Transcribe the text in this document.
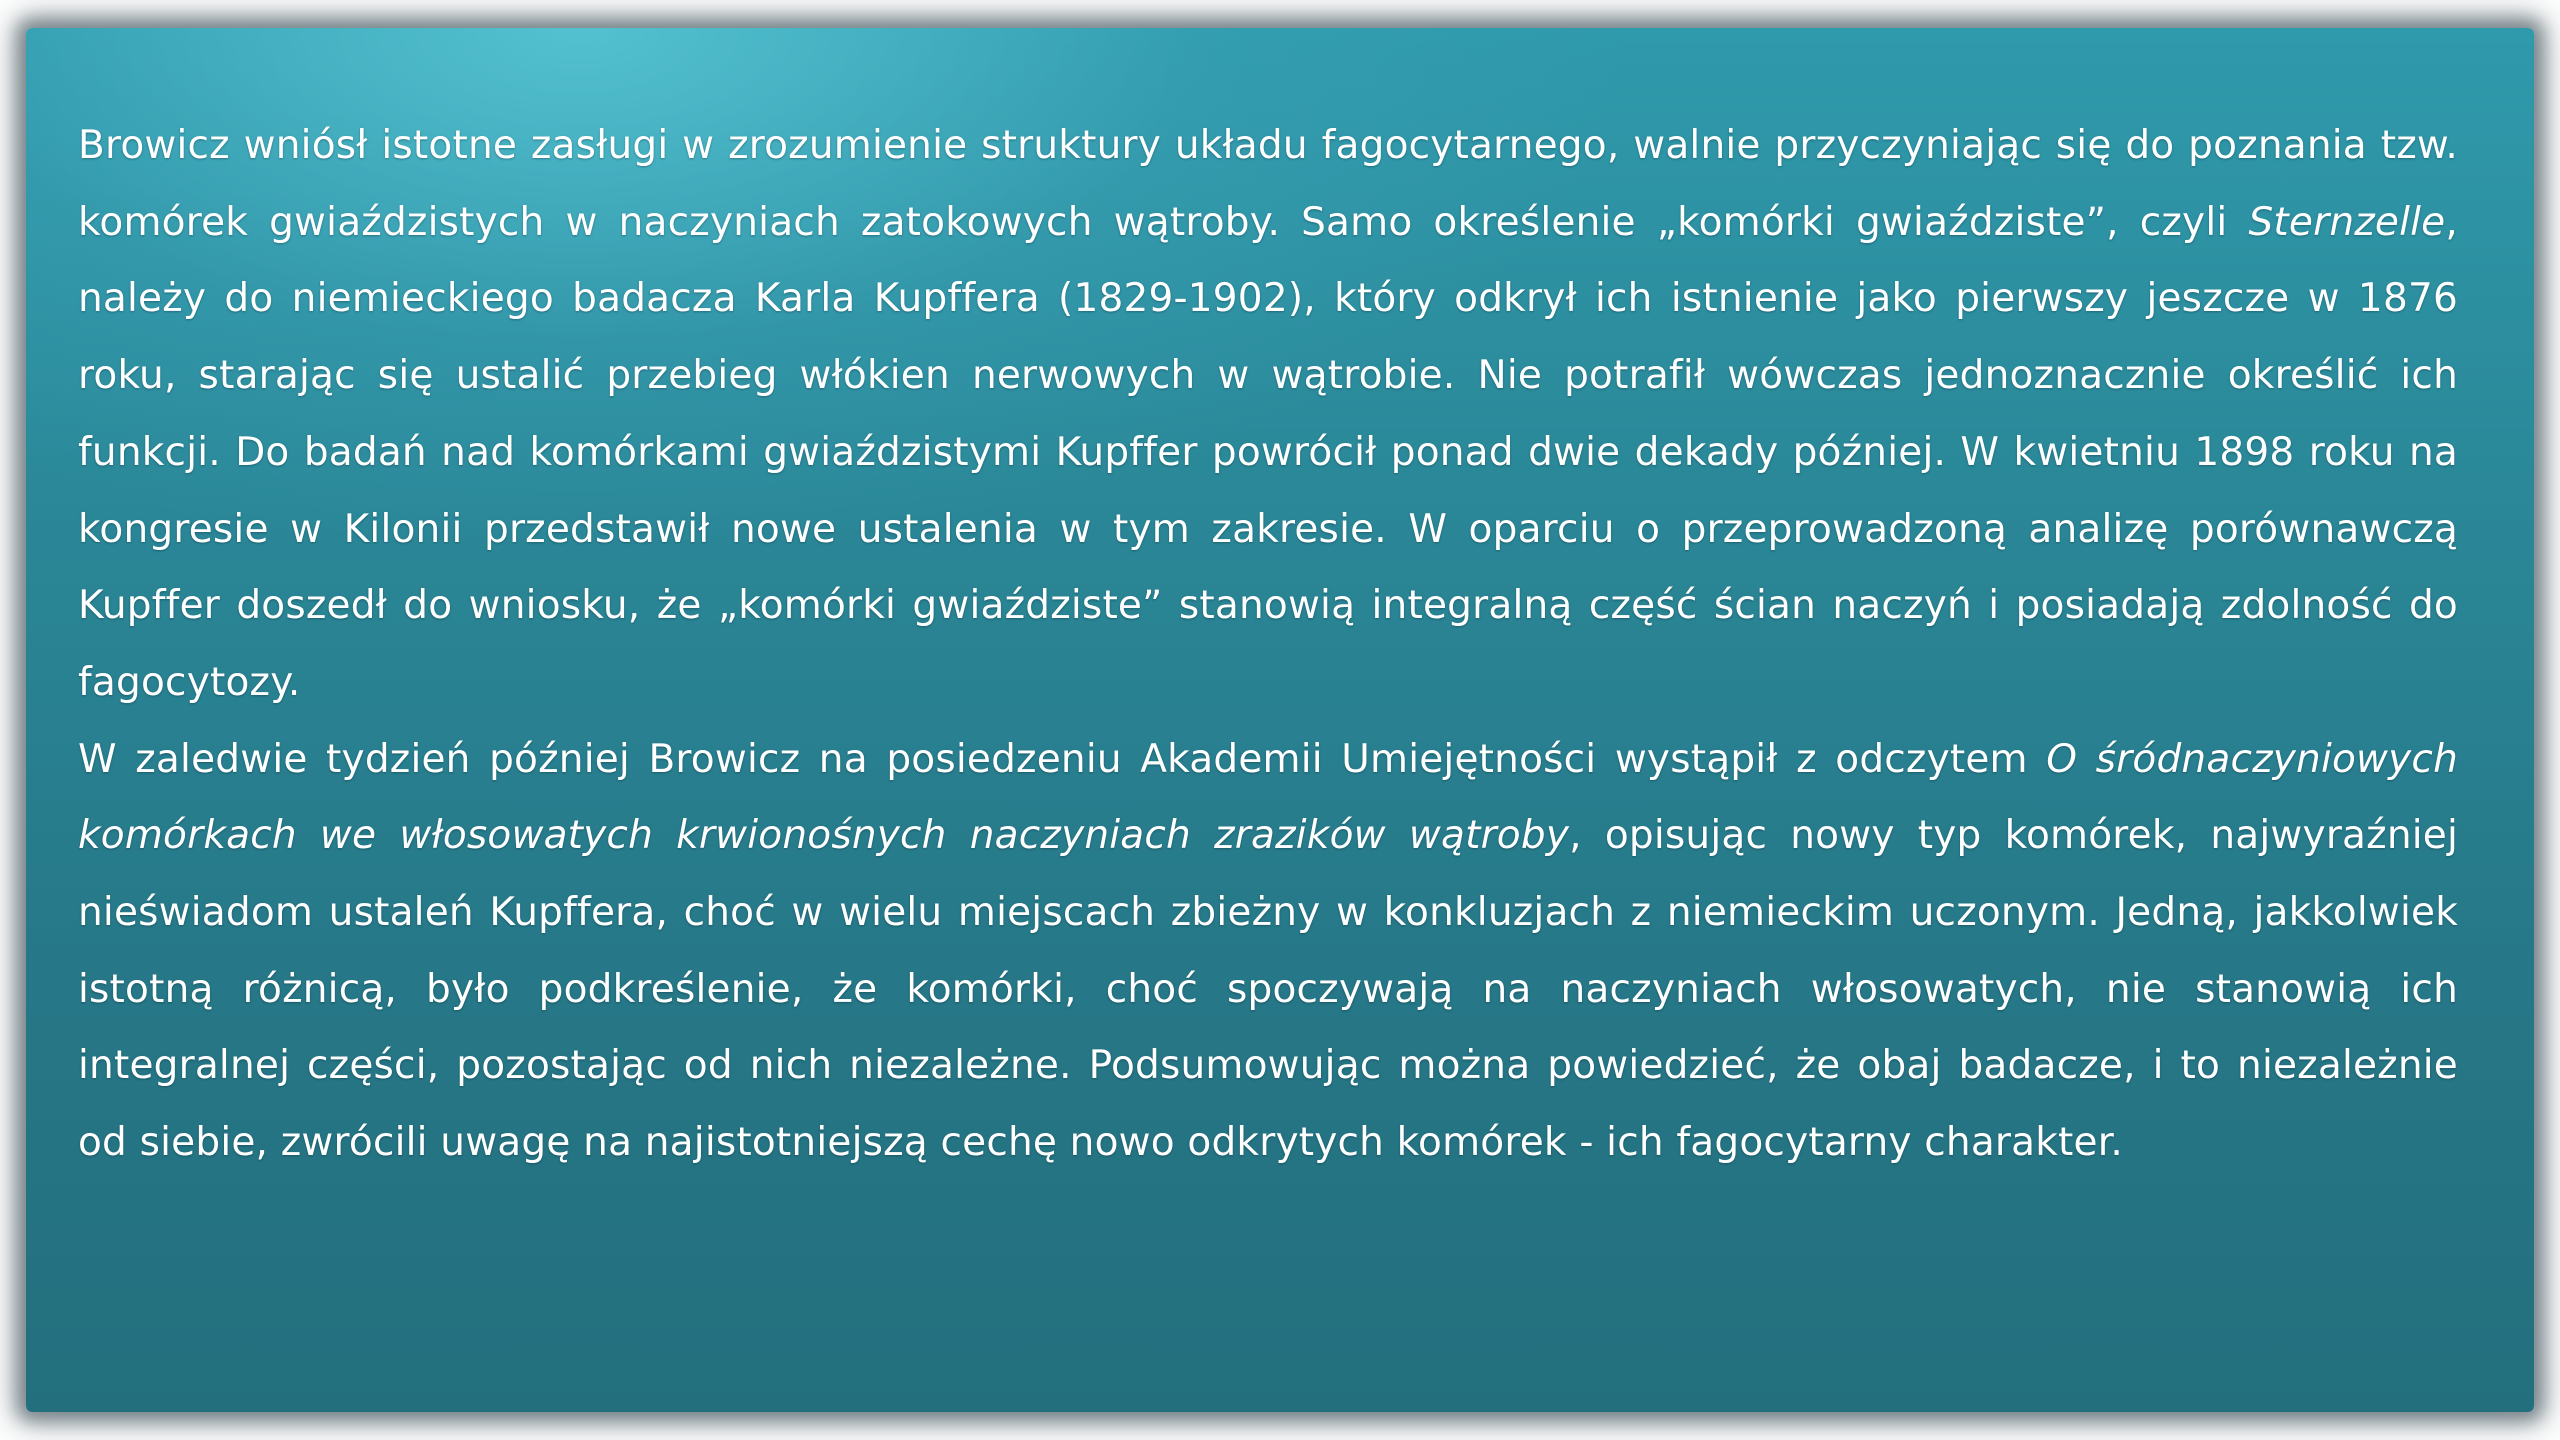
Browicz wniósł istotne zasługi w zrozumienie struktury układu fagocytarnego, walnie przyczyniając się do poznania tzw. komórek gwiaździstych w naczyniach zatokowych wątroby. Samo określenie „komórki gwiaździste”, czyli Sternzelle, należy do niemieckiego badacza Karla Kupffera (1829-1902), który odkrył ich istnienie jako pierwszy jeszcze w 1876 roku, starając się ustalić przebieg włókien nerwowych w wątrobie. Nie potrafił wówczas jednoznacznie określić ich funkcji. Do badań nad komórkami gwiaździstymi Kupffer powrócił ponad dwie dekady później. W kwietniu 1898 roku na kongresie w Kilonii przedstawił nowe ustalenia w tym zakresie. W oparciu o przeprowadzoną analizę porównawczą Kupffer doszedł do wniosku, że „komórki gwiaździste” stanowią integralną część ścian naczyń i posiadają zdolność do fagocytozy.

W zaledwie tydzień później Browicz na posiedzeniu Akademii Umiejętności wystąpił z odczytem O śródnaczyniowych komórkach we włosowatych krwionośnych naczyniach zrazików wątroby, opisując nowy typ komórek, najwyraźniej nieświadom ustaleń Kupffera, choć w wielu miejscach zbieżny w konkluzjach z niemieckim uczonym. Jedną, jakkolwiek istotną różnicą, było podkreślenie, że komórki, choć spoczywają na naczyniach włosowatych, nie stanowią ich integralnej części, pozostając od nich niezależne. Podsumowując można powiedzieć, że obaj badacze, i to niezależnie od siebie, zwrócili uwagę na najistotniejszą cechę nowo odkrytych komórek - ich fagocytarny charakter.
